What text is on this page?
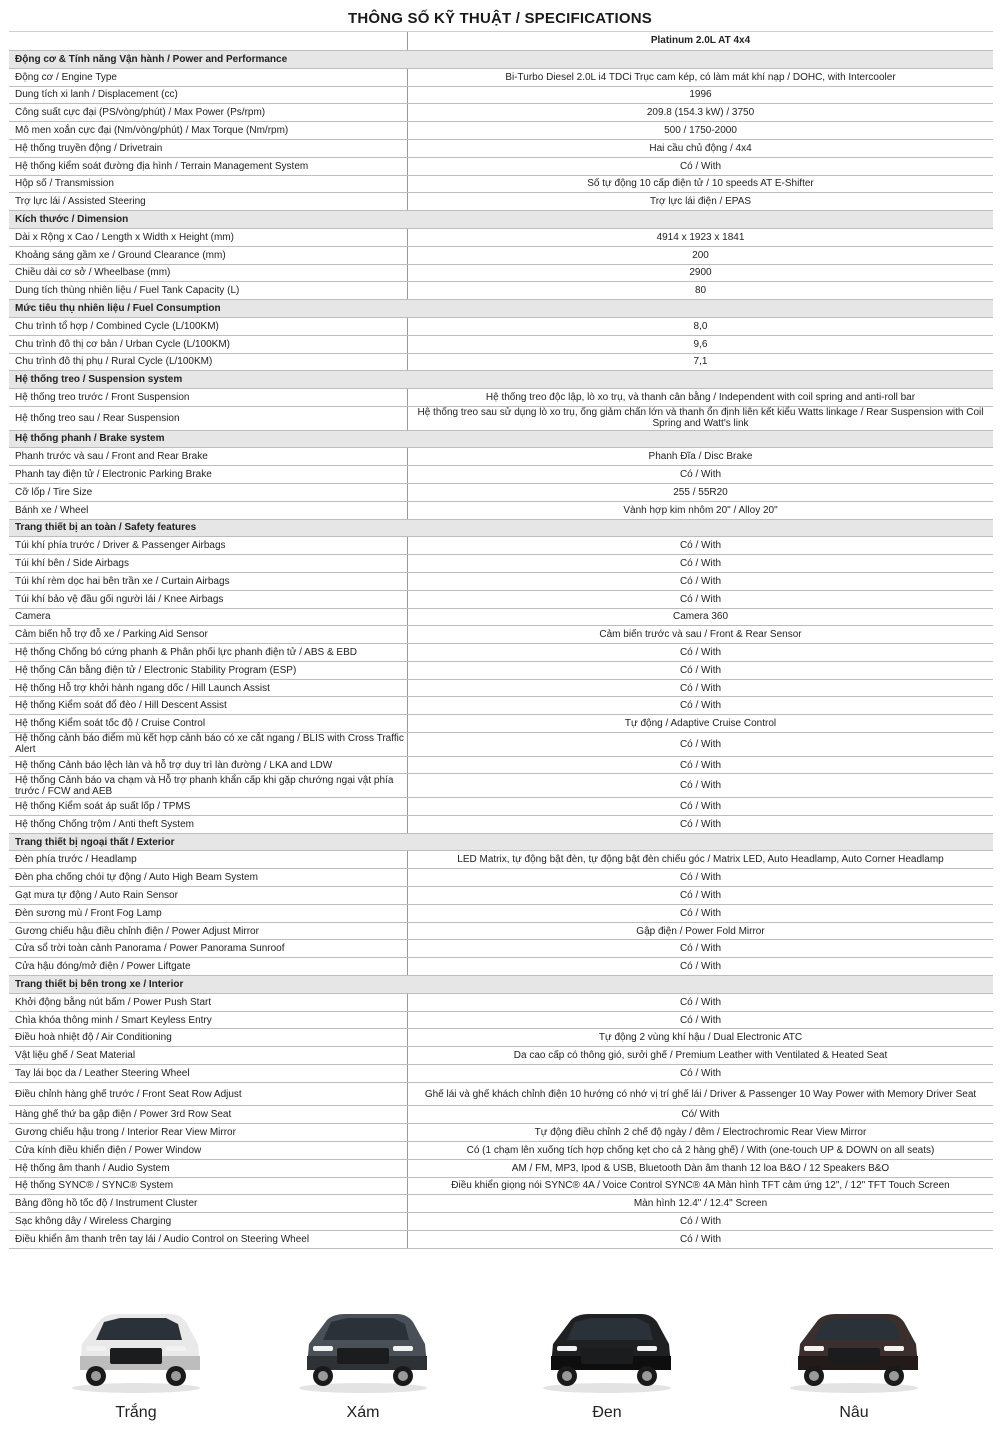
THÔNG SỐ KỸ THUẬT / SPECIFICATIONS
Platinum 2.0L AT 4x4
Động cơ & Tính năng Vận hành / Power and Performance
Động cơ / Engine Type	Bi-Turbo Diesel 2.0L i4 TDCi Trục cam kép, có làm mát khí nạp / DOHC, with Intercooler
Dung tích xi lanh / Displacement (cc)	1996
Công suất cực đại (PS/vòng/phút) / Max Power (Ps/rpm)	209.8 (154.3 kW) / 3750
Mô men xoắn cực đại (Nm/vòng/phút) / Max Torque (Nm/rpm)	500 / 1750-2000
Hệ thống truyền động / Drivetrain	Hai cầu chủ động / 4x4
Hệ thống kiểm soát đường địa hình / Terrain Management System	Có / With
Hộp số / Transmission	Số tự động 10 cấp điện tử / 10 speeds AT E-Shifter
Trợ lực lái / Assisted Steering	Trợ lực lái điện / EPAS
Kích thước / Dimension
Dài x Rộng x Cao / Length x Width x Height (mm)	4914 x 1923 x 1841
Khoảng sáng gầm xe / Ground Clearance (mm)	200
Chiều dài cơ sở / Wheelbase (mm)	2900
Dung tích thùng nhiên liệu / Fuel Tank Capacity (L)	80
Mức tiêu thụ nhiên liệu / Fuel Consumption
Chu trình tổ hợp / Combined Cycle (L/100KM)	8,0
Chu trình đô thị cơ bản / Urban Cycle (L/100KM)	9,6
Chu trình đô thị phụ / Rural Cycle (L/100KM)	7,1
Hệ thống treo / Suspension system
Hệ thống treo trước / Front Suspension	Hệ thống treo độc lập, lò xo trụ, và thanh cân bằng / Independent with coil spring and anti-roll bar
Hệ thống treo sau / Rear Suspension	Hệ thống treo sau sử dụng lò xo trụ, ống giảm chấn lớn và thanh ổn định liên kết kiểu Watts linkage / Rear Suspension with Coil Spring and Watt's link
Hệ thống phanh / Brake system
Phanh trước và sau / Front and Rear Brake	Phanh Đĩa / Disc Brake
Phanh tay điện tử / Electronic Parking Brake	Có / With
Cỡ lốp / Tire Size	255 / 55R20
Bánh xe / Wheel	Vành hợp kim nhôm 20" / Alloy 20"
Trang thiết bị an toàn / Safety features
Túi khí phía trước / Driver & Passenger Airbags	Có / With
Túi khí bên / Side Airbags	Có / With
Túi khí rèm dọc hai bên trần xe / Curtain Airbags	Có / With
Túi khí bảo vệ đầu gối người lái / Knee Airbags	Có / With
Camera	Camera 360
Cảm biến hỗ trợ đỗ xe / Parking Aid Sensor	Cảm biến trước và sau / Front & Rear Sensor
Hệ thống Chống bó cứng phanh & Phân phối lực phanh điện tử / ABS & EBD	Có / With
Hệ thống Cân bằng điện tử / Electronic Stability Program (ESP)	Có / With
Hệ thống Hỗ trợ khởi hành ngang dốc / Hill Launch Assist	Có / With
Hệ thống Kiểm soát đổ đèo / Hill Descent Assist	Có / With
Hệ thống Kiểm soát tốc độ / Cruise Control	Tự động / Adaptive Cruise Control
Hệ thống cảnh báo điểm mù kết hợp cảnh báo có xe cắt ngang / BLIS with Cross Traffic Alert	Có / With
Hệ thống Cảnh báo lệch làn và hỗ trợ duy trì làn đường / LKA and LDW	Có / With
Hệ thống Cảnh báo va chạm và Hỗ trợ phanh khẩn cấp khi gặp chướng ngại vật phía trước / FCW and AEB	Có / With
Hệ thống Kiểm soát áp suất lốp / TPMS	Có / With
Hệ thống Chống trộm / Anti theft System	Có / With
Trang thiết bị ngoại thất / Exterior
Đèn phía trước / Headlamp	LED Matrix, tự động bật đèn, tự động bật đèn chiếu góc / Matrix LED, Auto Headlamp, Auto Corner Headlamp
Đèn pha chống chói tự động / Auto High Beam System	Có / With
Gạt mưa tự động / Auto Rain Sensor	Có / With
Đèn sương mù / Front Fog Lamp	Có / With
Gương chiếu hậu điều chỉnh điện / Power Adjust Mirror	Gập điện / Power Fold Mirror
Cửa sổ trời toàn cảnh Panorama / Power Panorama Sunroof	Có / With
Cửa hậu đóng/mở điện / Power Liftgate	Có / With
Trang thiết bị bên trong xe / Interior
Khởi động bằng nút bấm / Power Push Start	Có / With
Chìa khóa thông minh / Smart Keyless Entry	Có / With
Điều hoà nhiệt độ / Air Conditioning	Tự động 2 vùng khí hậu / Dual Electronic ATC
Vật liệu ghế / Seat Material	Da cao cấp có thông gió, sưởi ghế / Premium Leather with Ventilated & Heated Seat
Tay lái bọc da / Leather Steering Wheel	Có / With
Điều chỉnh hàng ghế trước / Front Seat Row Adjust	Ghế lái và ghế khách chỉnh điện 10 hướng có nhớ vị trí ghế lái / Driver & Passenger 10 Way Power with Memory Driver Seat
Hàng ghế thứ ba gập điện / Power 3rd Row Seat	Có/ With
Gương chiếu hậu trong / Interior Rear View Mirror	Tự động điều chỉnh 2 chế độ ngày / đêm / Electrochromic Rear View Mirror
Cửa kính điều khiển điện / Power Window	Có (1 chạm lên xuống tích hợp chống kẹt cho cả 2 hàng ghế) / With (one-touch UP & DOWN on all seats)
Hệ thống âm thanh / Audio System	AM / FM, MP3, Ipod & USB, Bluetooth Dàn âm thanh 12 loa B&O / 12 Speakers B&O
Hệ thống SYNC® / SYNC® System	Điều khiển giọng nói SYNC® 4A / Voice Control SYNC® 4A Màn hình TFT cảm ứng 12", / 12" TFT Touch Screen
Bảng đồng hồ tốc độ / Instrument Cluster	Màn hình 12.4" / 12.4" Screen
Sạc không dây / Wireless Charging	Có / With
Điều khiển âm thanh trên tay lái / Audio Control on Steering Wheel	Có / With
Trắng	Xám	Đen	Nâu
